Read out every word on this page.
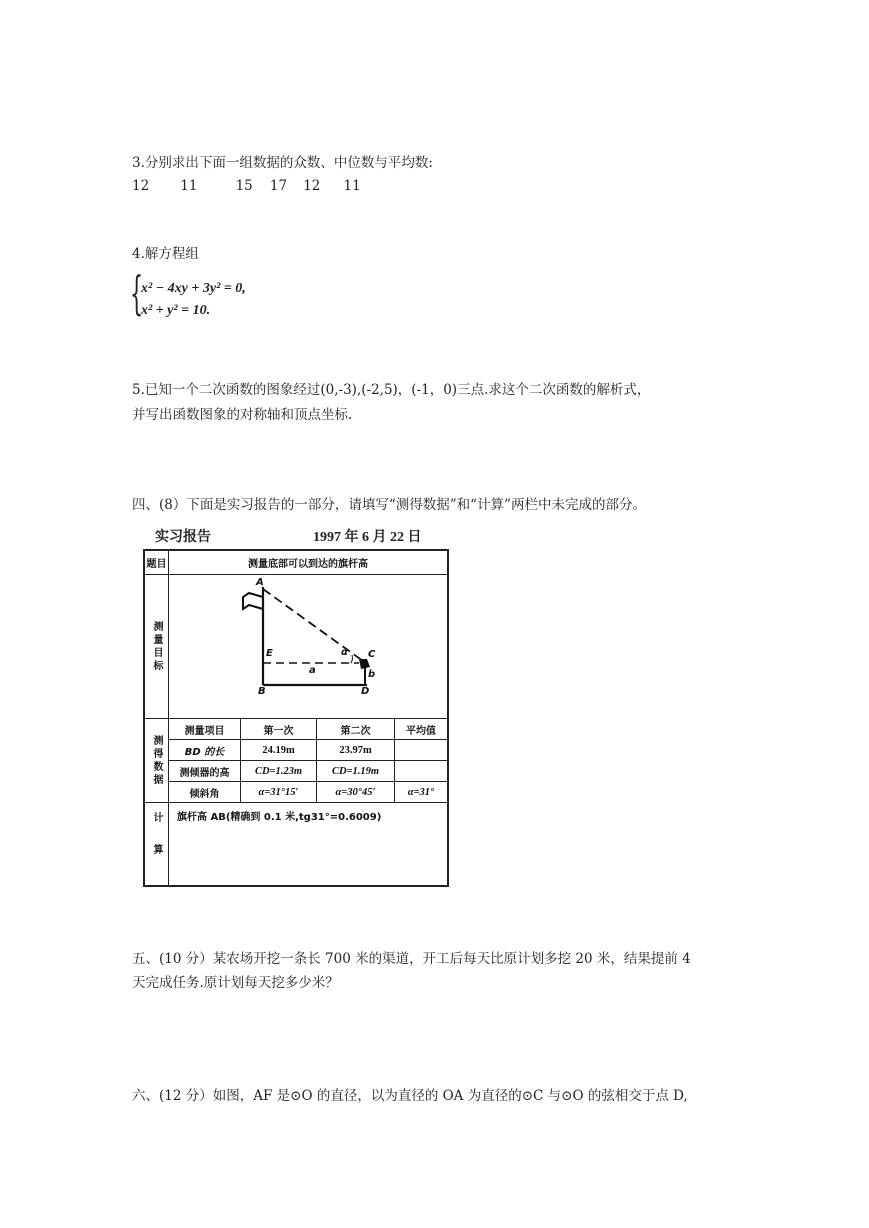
3.分别求出下面一组数据的众数、中位数与平均数:
12 11	15 17 12 11
4.解方程组
{
x² − 4xy + 3y² = 0,
x² + y² = 10.
5.已知一个二次函数的图象经过(0,-3),(-2,5)，(-1，0)三点.求这个二次函数的解析式，
并写出函数图象的对称轴和顶点坐标.
四、(8）下面是实习报告的一部分，请填写“测得数据”和“计算”两栏中未完成的部分。
实习报告	1997 年 6 月 22 日
题目	测量底部可以到达的旗杆高
测量目标
A
E	α C
a	b
B	D
测得数据
测量项目	第一次	第二次	平均值
BD 的长	24.19m	23.97m
测倾器的高	CD=1.23m	CD=1.19m
倾斜角	α=31°15′	α=30°45′	α=31°
计算	旗杆高 AB(精确到 0.1 米,tg31°=0.6009)
五、(10 分）某农场开挖一条长 700 米的渠道，开工后每天比原计划多挖 20 米，结果提前 4
天完成任务.原计划每天挖多少米？
六、(12 分）如图，AF 是⊙O 的直径，以为直径的 OA 为直径的⊙C 与⊙O 的弦相交于点 D,
